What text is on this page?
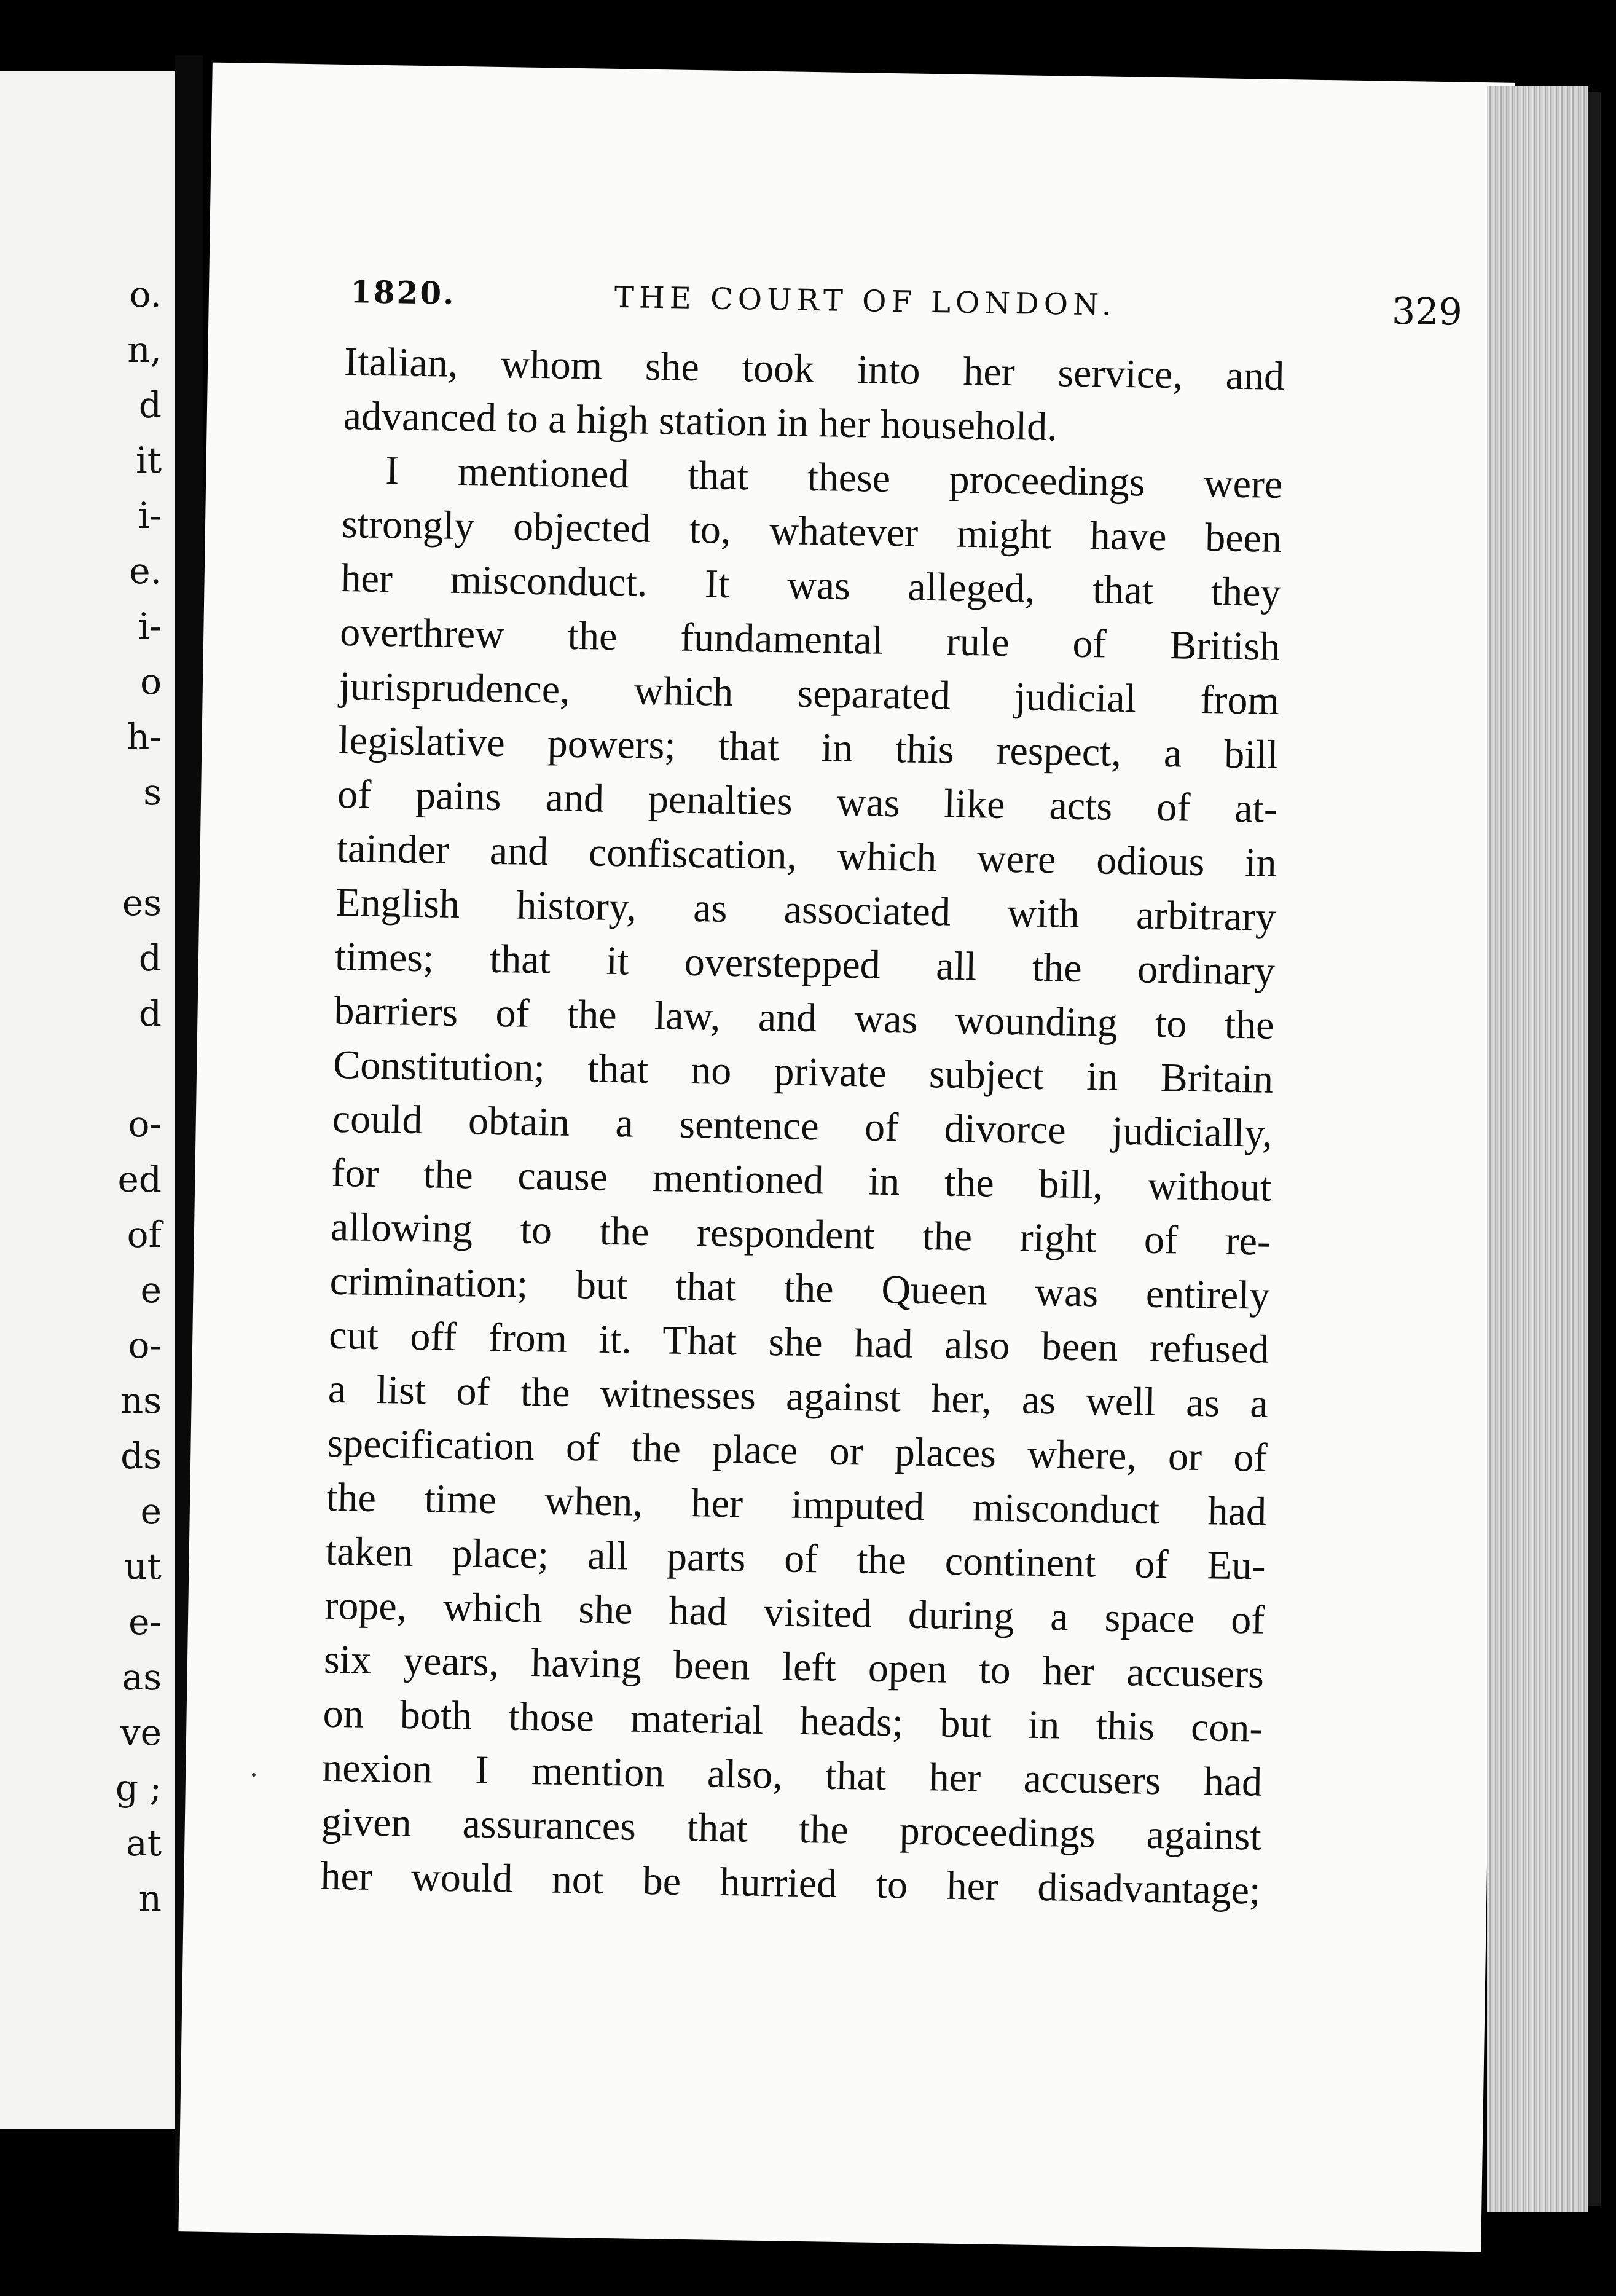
o.
n,
d
it
i-
e.
i-
o
h-
s
es
d
d
o-
ed
of
e
o-
ns
ds
e
ut
e-
as
ve
g ;
at
n
1820.	THE COURT OF LONDON.	329
Italian, whom she took into her service, and
advanced to a high station in her household.
I mentioned that these proceedings were
strongly objected to, whatever might have been
her misconduct. It was alleged, that they
overthrew the fundamental rule of British
jurisprudence, which separated judicial from
legislative powers; that in this respect, a bill
of pains and penalties was like acts of at-
tainder and confiscation, which were odious in
English history, as associated with arbitrary
times; that it overstepped all the ordinary
barriers of the law, and was wounding to the
Constitution; that no private subject in Britain
could obtain a sentence of divorce judicially,
for the cause mentioned in the bill, without
allowing to the respondent the right of re-
crimination; but that the Queen was entirely
cut off from it. That she had also been refused
a list of the witnesses against her, as well as a
specification of the place or places where, or of
the time when, her imputed misconduct had
taken place; all parts of the continent of Eu-
rope, which she had visited during a space of
six years, having been left open to her accusers
on both those material heads; but in this con-
nexion I mention also, that her accusers had
given assurances that the proceedings against
her would not be hurried to her disadvantage;
